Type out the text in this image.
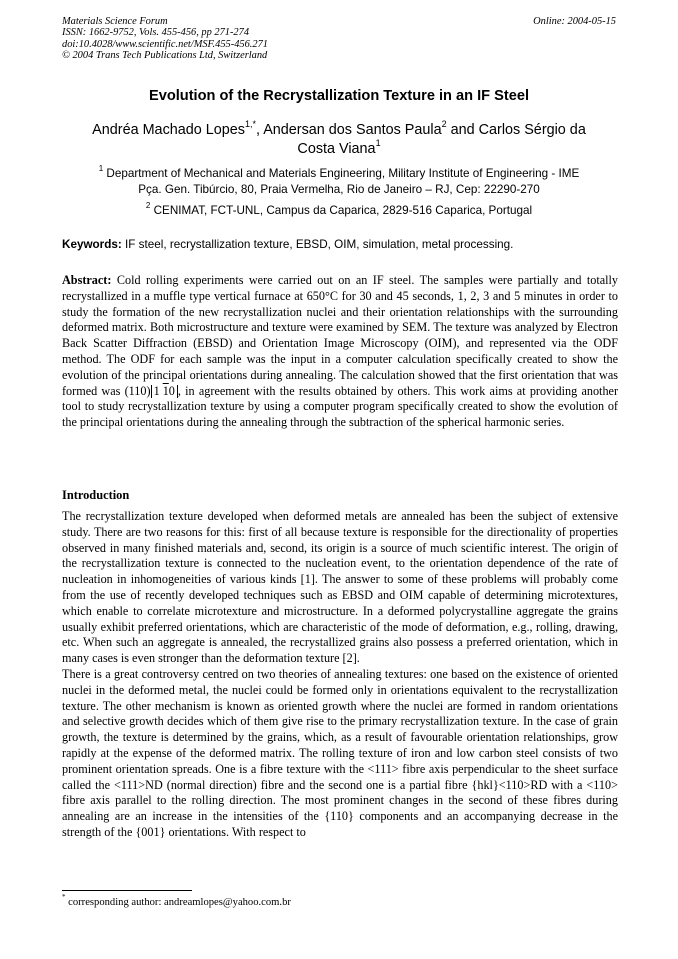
Materials Science Forum
ISSN: 1662-9752, Vols. 455-456, pp 271-274
doi:10.4028/www.scientific.net/MSF.455-456.271
© 2004 Trans Tech Publications Ltd, Switzerland
Online: 2004-05-15
Evolution of the Recrystallization Texture in an IF Steel
Andréa Machado Lopes$^{1,*}$, Andersan dos Santos Paula$^2$ and Carlos Sérgio da
Costa Viana$^1$
$^1$ Department of Mechanical and Materials Engineering, Military Institute of Engineering - IME
Pça. Gen. Tibúrcio, 80, Praia Vermelha, Rio de Janeiro – RJ, Cep: 22290-270
$^2$ CENIMAT, FCT-UNL, Campus da Caparica, 2829-516 Caparica, Portugal
Keywords: IF steel, recrystallization texture, EBSD, OIM, simulation, metal processing.
Abstract: Cold rolling experiments were carried out on an IF steel. The samples were partially and totally recrystallized in a muffle type vertical furnace at 650°C for 30 and 45 seconds, 1, 2, 3 and 5 minutes in order to study the formation of the new recrystallization nuclei and their orientation relationships with the surrounding deformed matrix. Both microstructure and texture were examined by SEM. The texture was analyzed by Electron Back Scatter Diffraction (EBSD) and Orientation Image Microscopy (OIM), and represented via the ODF method. The ODF for each sample was the input in a computer calculation specifically created to show the evolution of the principal orientations during annealing. The calculation showed that the first orientation that was formed was (110) 1 10 , in agreement with the results obtained by others. This work aims at providing another tool to study recrystallization texture by using a computer program specifically created to show the evolution of the principal orientations during the annealing through the subtraction of the spherical harmonic series.
Introduction

The recrystallization texture developed when deformed metals are annealed has been the subject of extensive study. There are two reasons for this: first of all because texture is responsible for the directionality of properties observed in many finished materials and, second, its origin is a source of much scientific interest. The origin of the recrystallization texture is connected to the nucleation event, to the orientation dependence of the rate of nucleation in inhomogeneities of various kinds [1]. The answer to some of these problems will probably come from the use of recently developed techniques such as EBSD and OIM capable of determining microtextures, which enable to correlate microtexture and microstructure. In a deformed polycrystalline aggregate the grains usually exhibit preferred orientations, which are characteristic of the mode of deformation, e.g., rolling, drawing, etc. When such an aggregate is annealed, the recrystallized grains also possess a preferred orientation, which in many cases is even stronger than the deformation texture [2].

There is a great controversy centred on two theories of annealing textures: one based on the existence of oriented nuclei in the deformed metal, the nuclei could be formed only in orientations equivalent to the recrystallization texture. The other mechanism is known as oriented growth where the nuclei are formed in random orientations and selective growth decides which of them give rise to the primary recrystallization texture. In the case of grain growth, the texture is determined by the grains, which, as a result of favourable orientation relationships, grow rapidly at the expense of the deformed matrix. The rolling texture of iron and low carbon steel consists of two prominent orientation spreads. One is a fibre texture with the <111> fibre axis perpendicular to the sheet surface called the <111>ND (normal direction) fibre and the second one is a partial fibre {hkl}<110>RD with a <110> fibre axis parallel to the rolling direction. The most prominent changes in the second of these fibres during annealing are an increase in the intensities of the {110} components and an accompanying decrease in the strength of the {001} orientations. With respect to

* corresponding author: andreamlopes@yahoo.com.br
